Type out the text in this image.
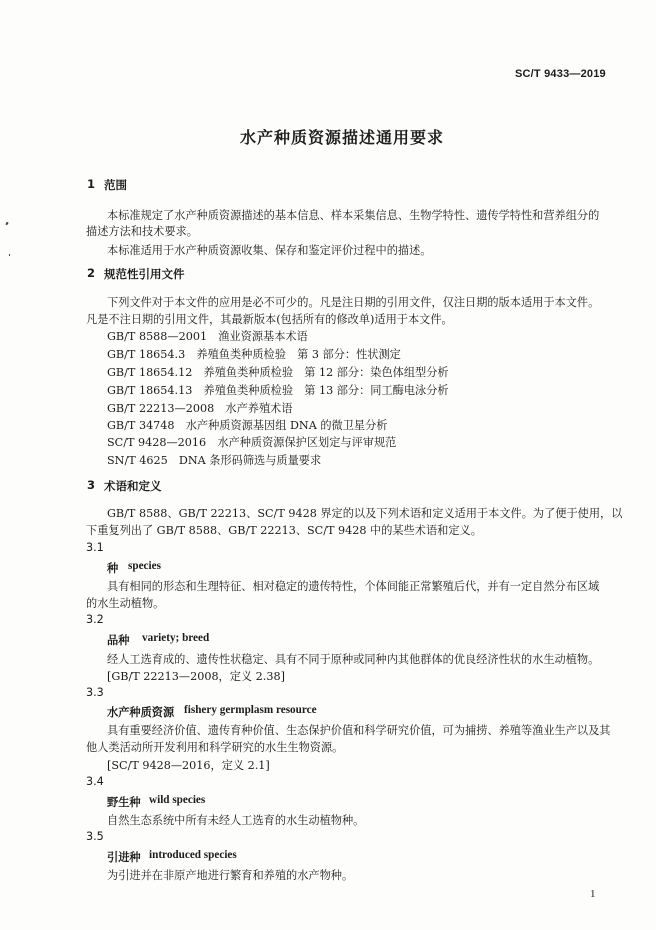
SC/T 9433—2019
水产种质资源描述通用要求
1 范围
本标准规定了水产种质资源描述的基本信息、样本采集信息、生物学特性、遗传学特性和营养组分的
描述方法和技术要求。
本标准适用于水产种质资源收集、保存和鉴定评价过程中的描述。
2 规范性引用文件
下列文件对于本文件的应用是必不可少的。凡是注日期的引用文件，仅注日期的版本适用于本文件。
凡是不注日期的引用文件，其最新版本(包括所有的修改单)适用于本文件。
GB/T 8588—2001　渔业资源基本术语
GB/T 18654.3　养殖鱼类种质检验　第 3 部分：性状测定
GB/T 18654.12　养殖鱼类种质检验　第 12 部分：染色体组型分析
GB/T 18654.13　养殖鱼类种质检验　第 13 部分：同工酶电泳分析
GB/T 22213—2008　水产养殖术语
GB/T 34748　水产种质资源基因组 DNA 的微卫星分析
SC/T 9428—2016　水产种质资源保护区划定与评审规范
SN/T 4625　DNA 条形码筛选与质量要求
3 术语和定义
GB/T 8588、GB/T 22213、SC/T 9428 界定的以及下列术语和定义适用于本文件。为了便于使用，以
下重复列出了 GB/T 8588、GB/T 22213、SC/T 9428 中的某些术语和定义。
3.1
种 species
具有相同的形态和生理特征、相对稳定的遗传特性，个体间能正常繁殖后代，并有一定自然分布区域
的水生动植物。
3.2
品种 variety; breed
经人工选育成的、遗传性状稳定、具有不同于原种或同种内其他群体的优良经济性状的水生动植物。
[GB/T 22213—2008，定义 2.38]
3.3
水产种质资源 fishery germplasm resource
具有重要经济价值、遗传育种价值、生态保护价值和科学研究价值，可为捕捞、养殖等渔业生产以及其
他人类活动所开发利用和科学研究的水生生物资源。
[SC/T 9428—2016，定义 2.1]
3.4
野生种 wild species
自然生态系统中所有未经人工选育的水生动植物种。
3.5
引进种 introduced species
为引进并在非原产地进行繁育和养殖的水产物种。
1
